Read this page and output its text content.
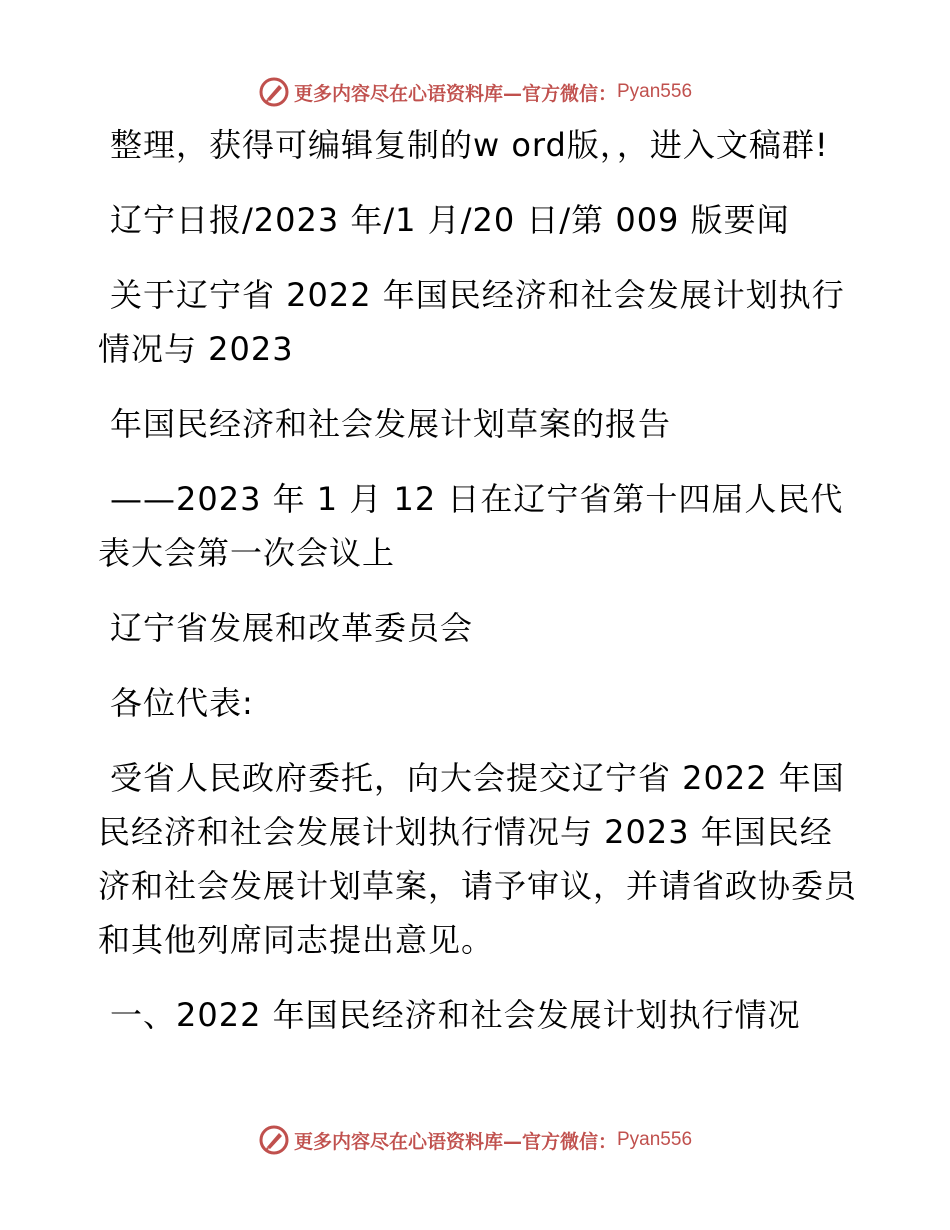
更多内容尽在心语资料库—官方微信： Pyan556

整理，获得可编辑复制的w ord版，，进入文稿群!

辽宁日报/2023 年/1 月/20 日/第 009 版要闻

关于辽宁省 2022 年国民经济和社会发展计划执行情况与 2023

年国民经济和社会发展计划草案的报告

——2023 年 1 月 12 日在辽宁省第十四届人民代表大会第一次会议上

辽宁省发展和改革委员会

各位代表:

受省人民政府委托，向大会提交辽宁省 2022 年国民经济和社会发展计划执行情况与 2023 年国民经济和社会发展计划草案，请予审议，并请省政协委员和其他列席同志提出意见。

一、2022 年国民经济和社会发展计划执行情况

更多内容尽在心语资料库—官方微信： Pyan556
